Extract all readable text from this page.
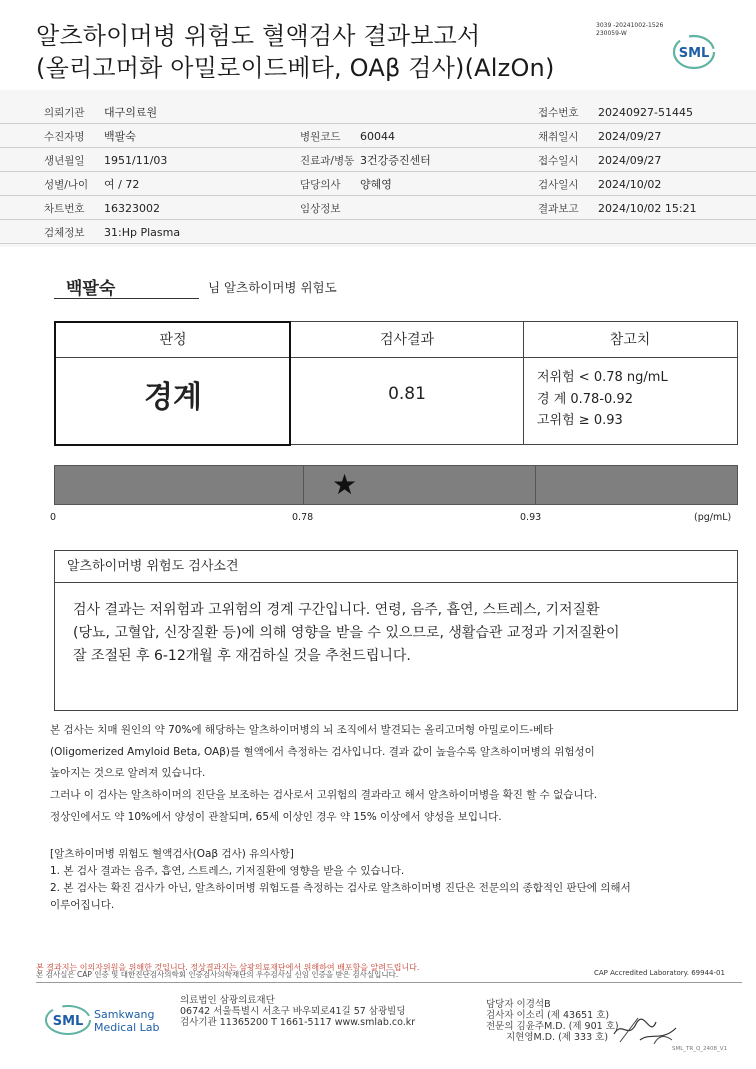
알츠하이머병 위험도 혈액검사 결과보고서
(올리고머화 아밀로이드베타, OAβ 검사)(AlzOn)
3039 -20241002-1526
230059-W
SML
의뢰기관 대구의료원	접수번호 20240927-51445
수진자명 백팔숙	병원코드 60044	채취일시 2024/09/27
생년월일 1951/11/03	진료과/병동 3건강증진센터	접수일시 2024/09/27
성별/나이 여 / 72	담당의사 양혜영	검사일시 2024/10/02
차트번호 16323002	임상정보	결과보고 2024/10/02 15:21
검체정보 31:Hp Plasma
백팔숙	님 알츠하이머병 위험도
판정	검사결과	참고치
경계	0.81
저위험 < 0.78 ng/mL
경 계 0.78-0.92
고위험 ≥ 0.93
★
0	0.78	0.93	(pg/mL)
알츠하이머병 위험도 검사소견
검사 결과는 저위험과 고위험의 경계 구간입니다. 연령, 음주, 흡연, 스트레스, 기저질환
(당뇨, 고혈압, 신장질환 등)에 의해 영향을 받을 수 있으므로, 생활습관 교정과 기저질환이
잘 조절된 후 6-12개월 후 재검하실 것을 추천드립니다.
본 검사는 치매 원인의 약 70%에 해당하는 알츠하이머병의 뇌 조직에서 발견되는 올리고머형 아밀로이드-베타
(Oligomerized Amyloid Beta, OAβ)를 혈액에서 측정하는 검사입니다. 결과 값이 높을수록 알츠하이머병의 위험성이
높아지는 것으로 알려져 있습니다.
그러나 이 검사는 알츠하이머의 진단을 보조하는 검사로서 고위험의 결과라고 해서 알츠하이머병을 확진 할 수 없습니다.
정상인에서도 약 10%에서 양성이 관찰되며, 65세 이상인 경우 약 15% 이상에서 양성을 보입니다.
[알츠하이머병 위험도 혈액검사(Oaβ 검사) 유의사항]
1. 본 검사 결과는 음주, 흡연, 스트레스, 기저질환에 영향을 받을 수 있습니다.
2. 본 검사는 확진 검사가 아닌, 알츠하이머병 위험도를 측정하는 검사로 알츠하이머병 진단은 전문의의 종합적인 판단에 의해서
이루어집니다.
본 결과지는 이의자위원을 위해한 것입니다. 정상결과지는 삼광의료재단에서 위해하여 배포함을 알려드립니다.
본 검사실은 CAP 인증 및 대한진단검사의학회 인증검사의학재단의 우수검사실 신임 인증을 받은 검사실입니다.	CAP Accredited Laboratory. 69944-01
SML Samkwang
Medical Lab
의료법인 삼광의료재단
06742 서울특별시 서초구 바우뫼로41길 57 삼광빌딩
검사기관 11365200 T 1661-5117 www.smlab.co.kr
담당자 이경석B
검사자 이소리 (제 43651 호)
전문의 김윤주M.D. (제 901 호)
지현영M.D. (제 333 호)
SML_TR_Q_2408_V1
